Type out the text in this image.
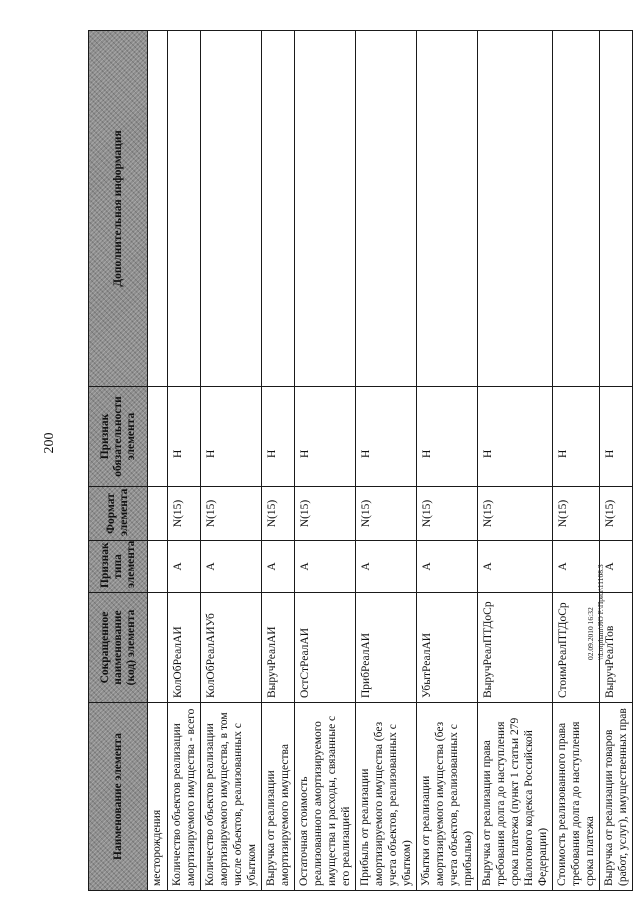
200
Наименование элемента	Сокращенное наименование (код) элемента	Признак типа элемента	Формат элемента	Признак обязательности элемента	Дополнительная информация
месторождения					
Количество объектов реализации амортизируемого имущества - всего	КолОбРеалАИ	А	N(15)	Н	
Количество объектов реализации амортизируемого имущества, в том числе объектов, реализованных с убытком	КолОбРеалАИУб	А	N(15)	Н	
Выручка от реализации амортизируемого имущества	ВыручРеалАИ	А	N(15)	Н	
Остаточная стоимость реализованного амортизируемого имущества и расходы, связанные с его реализацией	ОстСтРеалАИ	А	N(15)	Н	
Прибыль от реализации амортизируемого имущества (без учета объектов, реализованных с убытком)	ПрибРеалАИ	А	N(15)	Н	
Убытки от реализации амортизируемого имущества (без учета объектов, реализованных с прибылью)	УбытРеалАИ	А	N(15)	Н	
Выручка от реализации права требования долга до наступления срока платежа (пункт 1 статьи 279 Налогового кодекса Российской Федерации)	ВыручРеалПТДоСр	А	N(15)	Н	
Стоимость реализованного права требования долга до наступления срока платежа	СтоимРеалПТДоСр	А	N(15)	Н	
Выручка от реализации товаров (работ, услуг), имущественных прав	ВыручРеалТов	А	N(15)	Н	
02.09.2010 16:32 \\Lotpham\ЯО Р.\Прил\11108.3
